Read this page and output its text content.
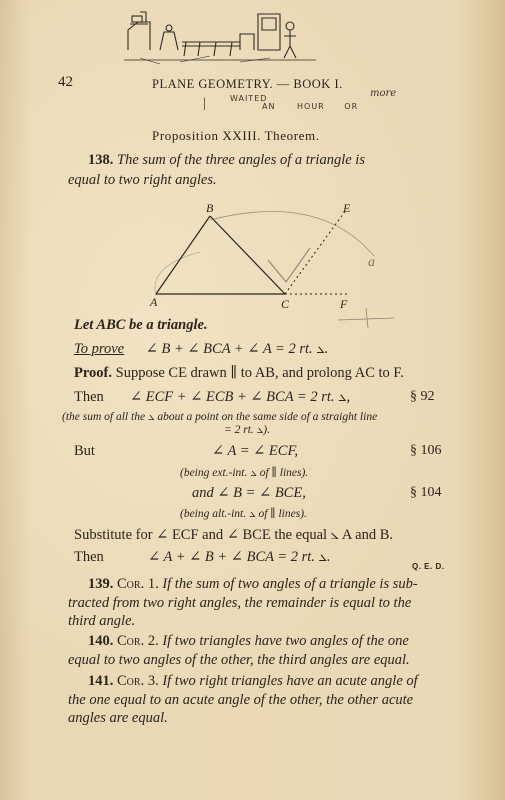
42	PLANE GEOMETRY. — BOOK I.
|	WAITED
AN	HOUR OR
more
Proposition XXIII. Theorem.
138. The sum of the three angles of a triangle is
equal to two right angles.
A
B
C
E
F
a
Let ABC be a triangle.
To prove ∠ B + ∠ BCA + ∠ A = 2 rt. ⦣.
Proof. Suppose CE drawn ∥ to AB, and prolong AC to F.
Then ∠ ECF + ∠ ECB + ∠ BCA = 2 rt. ⦣,	§ 92
(the sum of all the ⦣ about a point on the same side of a straight line
= 2 rt. ⦣).
But	∠ A = ∠ ECF,	§ 106
(being ext.-int. ⦣ of ∥ lines).
and ∠ B = ∠ BCE,	§ 104
(being alt.-int. ⦣ of ∥ lines).
Substitute for ∠ ECF and ∠ BCE the equal ⦣ A and B.
Then	∠ A + ∠ B + ∠ BCA = 2 rt. ⦣.
Q. E. D.
139. Cor. 1. If the sum of two angles of a triangle is sub-
tracted from two right angles, the remainder is equal to the
third angle.
140. Cor. 2. If two triangles have two angles of the one
equal to two angles of the other, the third angles are equal.
141. Cor. 3. If two right triangles have an acute angle of
the one equal to an acute angle of the other, the other acute
angles are equal.
